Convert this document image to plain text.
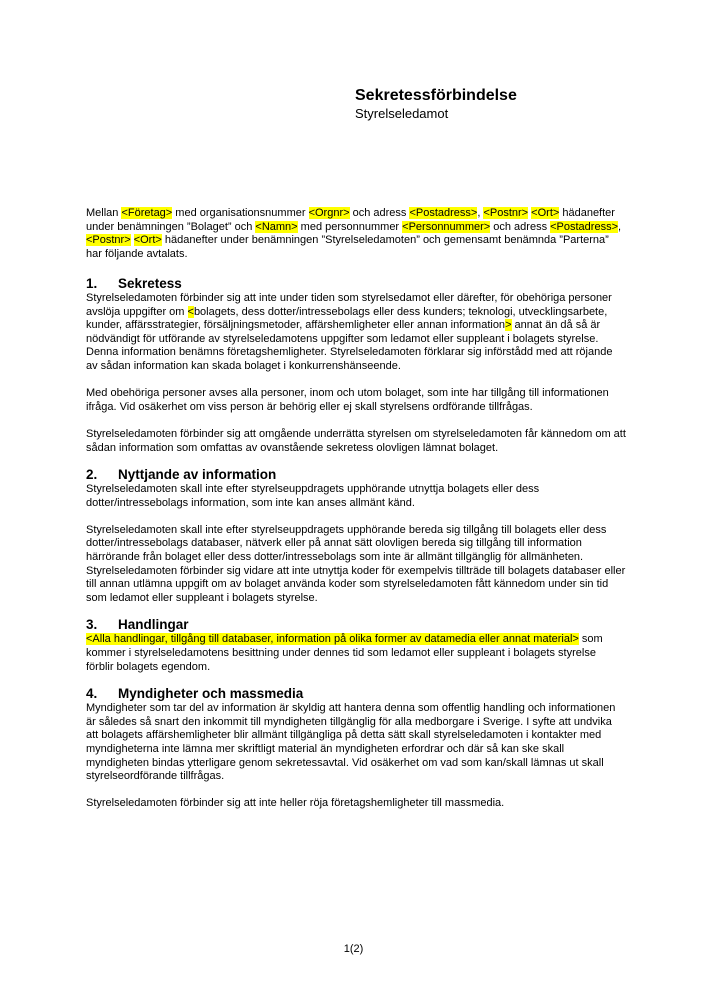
Sekretessförbindelse
Styrelseledamot

Mellan <Företag> med organisationsnummer <Orgnr> och adress <Postadress>, <Postnr> <Ort> hädanefter under benämningen ”Bolaget” och <Namn> med personnummer <Personnummer> och adress <Postadress>, <Postnr> <Ort> hädanefter under benämningen ”Styrelseledamoten” och gemensamt benämnda ”Parterna” har följande avtalats.

1. Sekretess

Styrelseledamoten förbinder sig att inte under tiden som styrelsedamot eller därefter, för obehöriga personer avslöja uppgifter om <bolagets, dess dotter/intressebolags eller dess kunders; teknologi, utvecklingsarbete, kunder, affärsstrategier, försäljningsmetoder, affärshemligheter eller annan information> annat än då så är nödvändigt för utförande av styrelseledamotens uppgifter som ledamot eller suppleant i bolagets styrelse. Denna information benämns företagshemligheter. Styrelseledamoten förklarar sig införstådd med att röjande av sådan information kan skada bolaget i konkurrenshänseende.

Med obehöriga personer avses alla personer, inom och utom bolaget, som inte har tillgång till informationen ifråga. Vid osäkerhet om viss person är behörig eller ej skall styrelsens ordförande tillfrågas.

Styrelseledamoten förbinder sig att omgående underrätta styrelsen om styrelseledamoten får kännedom om att sådan information som omfattas av ovanstående sekretess olovligen lämnat bolaget.

2. Nyttjande av information

Styrelseledamoten skall inte efter styrelseuppdragets upphörande utnyttja bolagets eller dess dotter/intressebolags information, som inte kan anses allmänt känd.

Styrelseledamoten skall inte efter styrelseuppdragets upphörande bereda sig tillgång till bolagets eller dess dotter/intressebolags databaser, nätverk eller på annat sätt olovligen bereda sig tillgång till information härrörande från bolaget eller dess dotter/intressebolags som inte är allmänt tillgänglig för allmänheten. Styrelseledamoten förbinder sig vidare att inte utnyttja koder för exempelvis tillträde till bolagets databaser eller till annan utlämna uppgift om av bolaget använda koder som styrelseledamoten fått kännedom under sin tid som ledamot eller suppleant i bolagets styrelse.

3. Handlingar

<Alla handlingar, tillgång till databaser, information på olika former av datamedia eller annat material> som kommer i styrelseledamotens besittning under dennes tid som ledamot eller suppleant i bolagets styrelse förblir bolagets egendom.

4. Myndigheter och massmedia

Myndigheter som tar del av information är skyldig att hantera denna som offentlig handling och informationen är således så snart den inkommit till myndigheten tillgänglig för alla medborgare i Sverige. I syfte att undvika att bolagets affärshemligheter blir allmänt tillgängliga på detta sätt skall styrelseledamoten i kontakter med myndigheterna inte lämna mer skriftligt material än myndigheten erfordrar och där så kan ske skall myndigheten bindas ytterligare genom sekretessavtal. Vid osäkerhet om vad som kan/skall lämnas ut skall styrelseordförande tillfrågas.

Styrelseledamoten förbinder sig att inte heller röja företagshemligheter till massmedia.

1(2)
